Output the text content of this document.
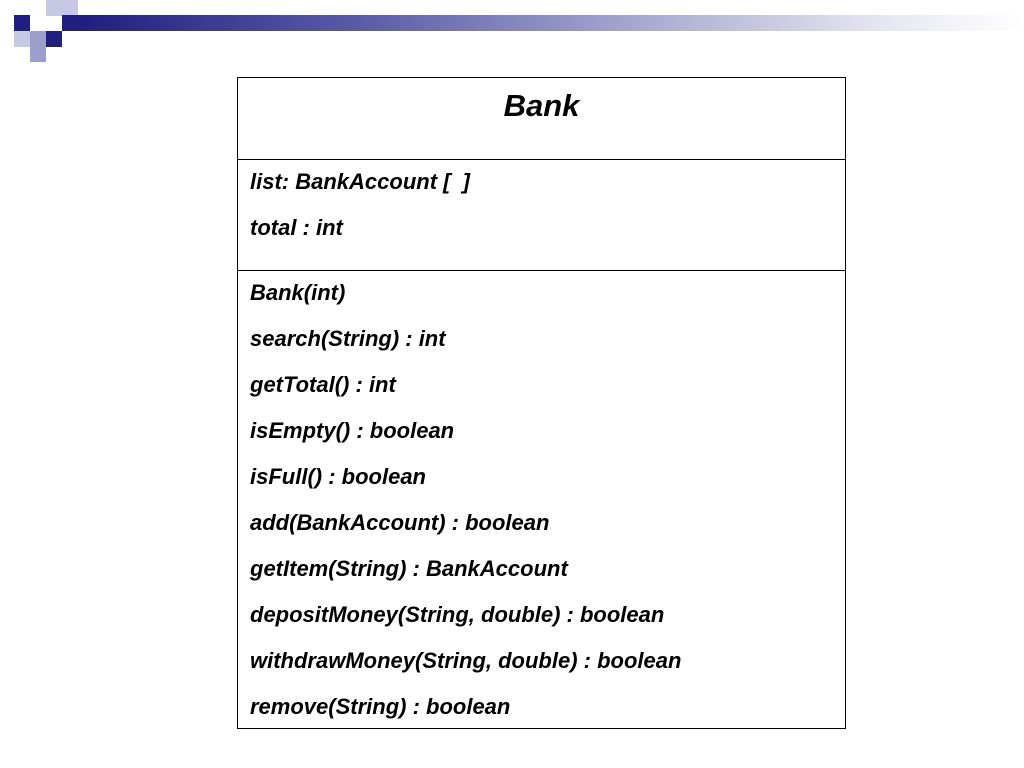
Bank
list: BankAccount [  ]
total : int
Bank(int)
search(String) : int
getTotal() : int
isEmpty() : boolean
isFull() : boolean
add(BankAccount) : boolean
getItem(String) : BankAccount
depositMoney(String, double) : boolean
withdrawMoney(String, double) : boolean
remove(String) : boolean
